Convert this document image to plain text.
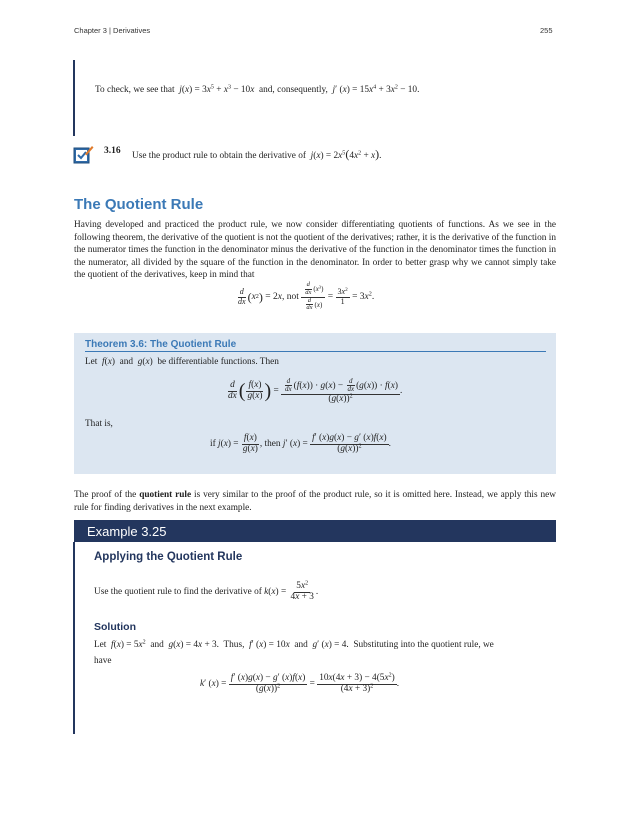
Chapter 3 | Derivatives	255
To check, we see that $j(x) = 3x^5 + x^3 - 10x$ and, consequently, j′ $(x) = 15x^4 + 3x^2 - 10$.
3.16 Use the product rule to obtain the derivative of $j(x) = 2x^5(4x^2 + x)$.
The Quotient Rule
Having developed and practiced the product rule, we now consider differentiating quotients of functions. As we see in the following theorem, the derivative of the quotient is not the quotient of the derivatives; rather, it is the derivative of the function in the numerator times the function in the denominator minus the derivative of the function in the denominator times the function in the numerator, all divided by the square of the function in the denominator. In order to better grasp why we cannot simply take the quotient of the derivatives, keep in mind that
$\frac{d}{dx}$ ( x 2 ) = 2x, not
$\frac{\frac{d}{dx} (x^3)}{\frac{d}{dx} (x)} = \frac{3x^2}{1} = 3x^2$.
Theorem 3.6: The Quotient Rule
Let f(x)  and g(x)  be differentiable functions. Then
$\frac{d}{dx}$ ( $\frac{f(x)}{g(x)}$ ) = $\frac{\frac{d}{dx} (f(x)) \cdot g(x) - \frac{d}{dx} (g(x)) \cdot f(x)}{(g(x))^2}$ .
That is,
if $j(x) = \frac{f(x)}{g(x)}$ , then j′ $(x) = \frac{f' (x)g(x) - g' (x)f(x)}{(g(x))^2}$ .
The proof of the quotient rule is very similar to the proof of the product rule, so it is omitted here. Instead, we apply this new rule for finding derivatives in the next example.
Example 3.25
Applying the Quotient Rule
Use the quotient rule to find the derivative of $k(x) = \frac{5x^2}{4x + 3}$ .
Solution
Let $f(x) = 5x^2$ and g(x) = 4x + 3.  Thus, f′ (x) = 10x and g′ (x) = 4.  Substituting into the quotient rule, we
have
k′ $(x) = \frac{f' (x)g(x) - g' (x)f(x)}{(g(x))^2} = \frac{10x(4x + 3) - 4(5x^2)}{(4x + 3)^2}$ .
